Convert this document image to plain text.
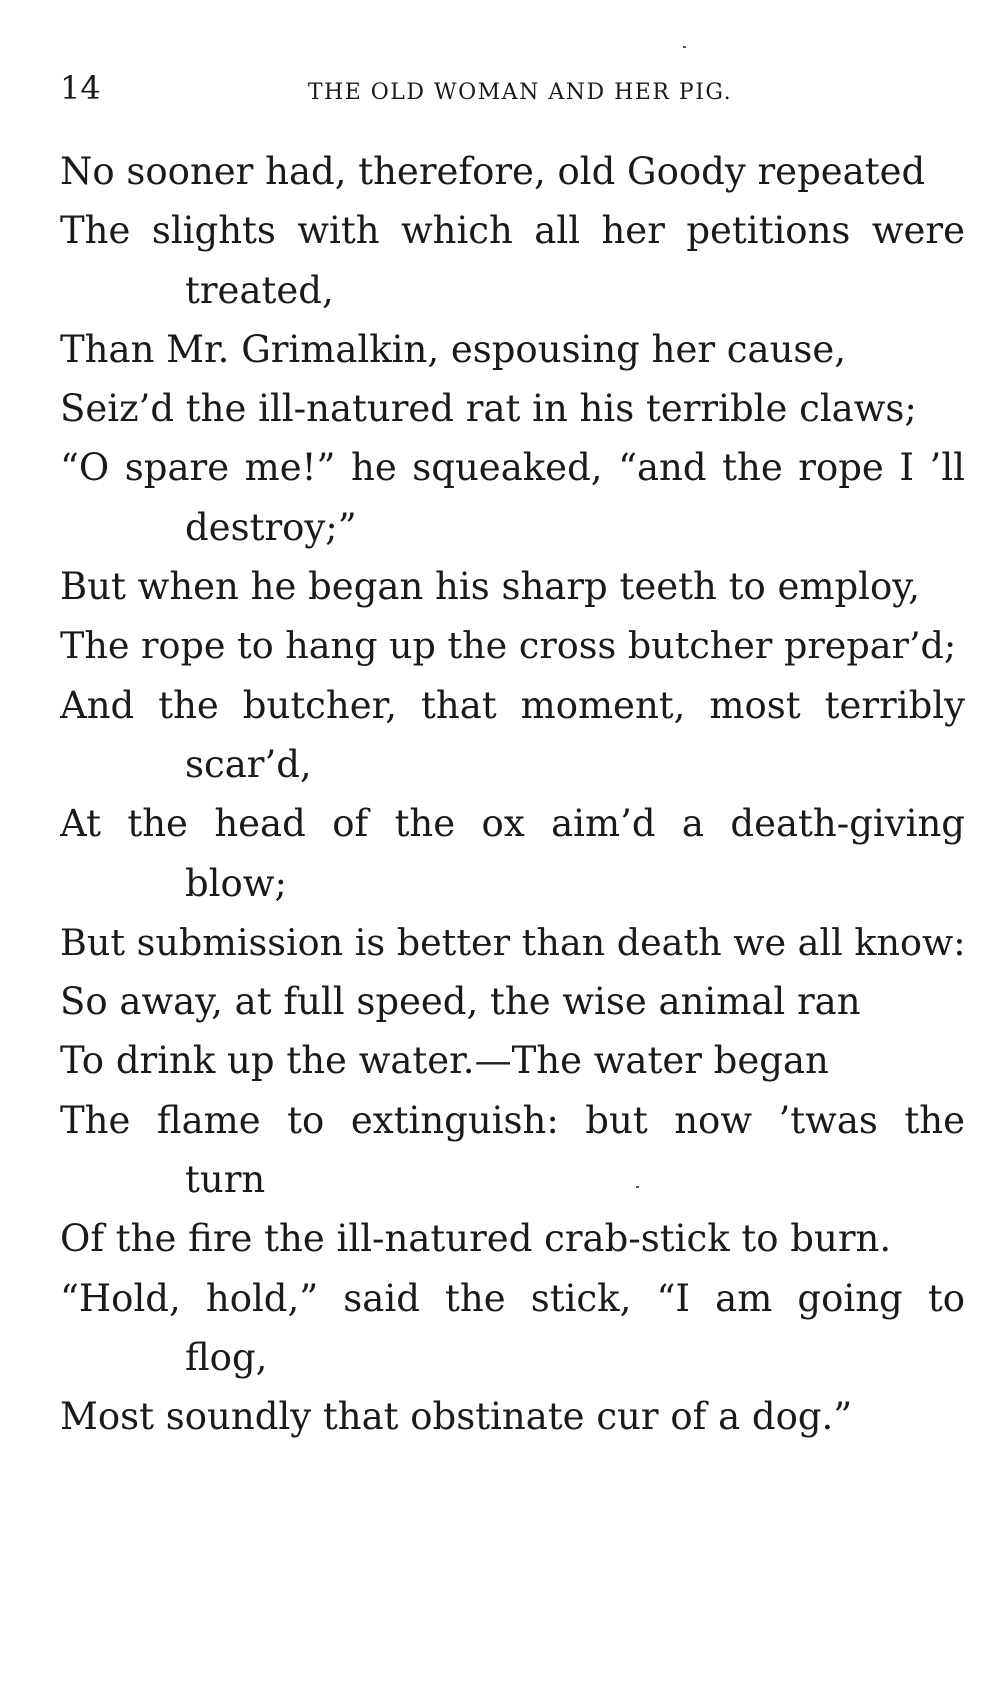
14	THE OLD WOMAN AND HER PIG.
No sooner had, therefore, old Goody repeated
The slights with which all her petitions were
treated,
Than Mr. Grimalkin, espousing her cause,
Seiz’d the ill-natured rat in his terrible claws;
“O spare me!” he squeaked, “and the rope I ’ll
destroy;”
But when he began his sharp teeth to employ,
The rope to hang up the cross butcher prepar’d;
And the butcher, that moment, most terribly
scar’d,
At the head of the ox aim’d a death-giving
blow;
But submission is better than death we all know:
So away, at full speed, the wise animal ran
To drink up the water.—The water began
The flame to extinguish: but now ’twas the
turn
Of the fire the ill-natured crab-stick to burn.
“Hold, hold,” said the stick, “I am going to
flog,
Most soundly that obstinate cur of a dog.”
